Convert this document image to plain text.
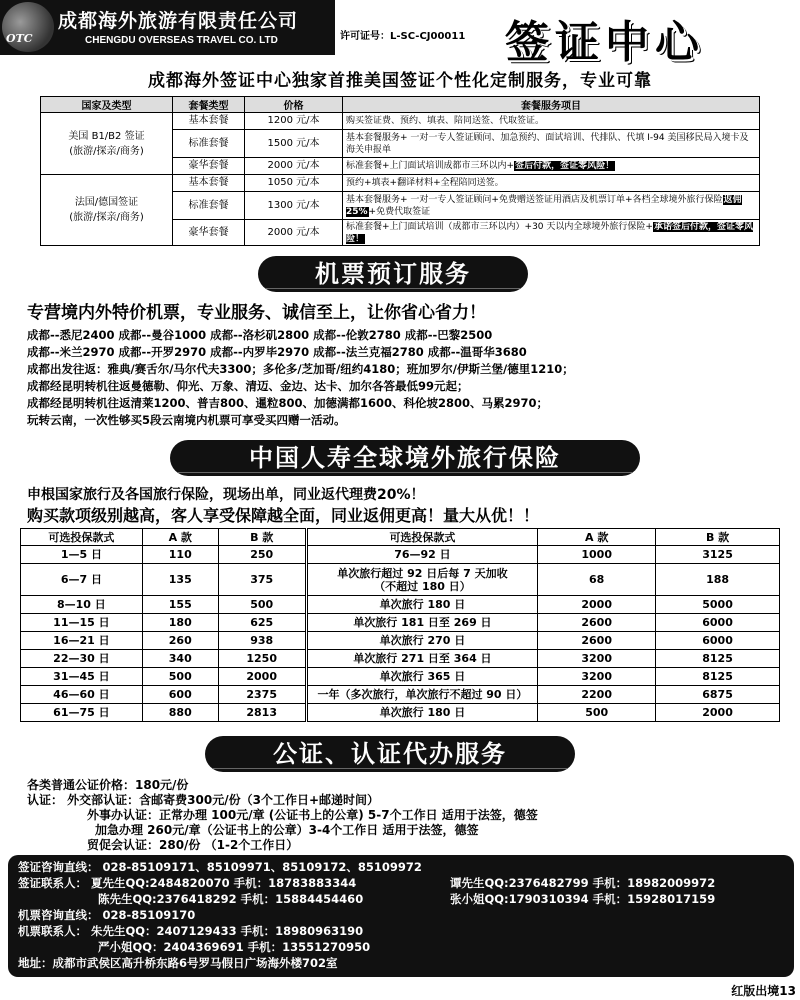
OTC
成都海外旅游有限责任公司
CHENGDU OVERSEAS TRAVEL CO. LTD	许可证号：L-SC-CJ00011 签证中心
成都海外签证中心独家首推美国签证个性化定制服务，专业可靠
国家及类型	套餐类型	价格	套餐服务项目

美国 B1/B2 签证
(旅游/探亲/商务)	基本套餐	1200 元/本	购买签证费、预约、填表、陪同送签、代取签证。
	标准套餐	1500 元/本	基本套餐服务+ 一对一专人签证顾问、加急预约、面试培训、代排队、代填 I-94 美国移民局入境卡及海关申报单
	豪华套餐	2000 元/本	标准套餐+上门面试培训成都市三环以内+签后付款，签证零风险！

法国/德国签证
(旅游/探亲/商务)	基本套餐	1050 元/本	预约+填表+翻译材料+全程陪同送签。
	标准套餐	1300 元/本	基本套餐服务+ 一对一专人签证顾问+免费赠送签证用酒店及机票订单+各档全球境外旅行保险返佣 25%+免费代取签证
	豪华套餐	2000 元/本	标准套餐+上门面试培训（成都市三环以内）+30 天以内全球境外旅行保险+承诺签后付款，签证零风险！
机票预订服务
专营境内外特价机票，专业服务、诚信至上，让你省心省力！
成都--悉尼2400 成都--曼谷1000 成都--洛杉矶2800 成都--伦敦2780 成都--巴黎2500
成都--米兰2970 成都--开罗2970 成都--内罗毕2970 成都--法兰克福2780 成都--温哥华3680
成都出发往返：雅典/赛舌尔/马尔代夫3300；多伦多/芝加哥/纽约4180；班加罗尔/伊斯兰堡/德里1210；
成都经昆明转机往返曼德勒、仰光、万象、清迈、金边、达卡、加尔各答最低99元起；
成都经昆明转机往返清莱1200、普吉800、暹粒800、加德满都1600、科伦坡2800、马累2970；
玩转云南，一次性够买5段云南境内机票可享受买四赠一活动。
中国人寿全球境外旅行保险
申根国家旅行及各国旅行保险，现场出单，同业返代理费20%！
购买款项级别越高，客人享受保障越全面，同业返佣更高！量大从优！！
可选投保款式	A 款	B 款	可选投保款式	A 款	B 款
1—5 日	110	250	76—92 日	1000	3125
6—7 日	135	375	单次旅行超过 92 日后每 7 天加收
（不超过 180 日）	68	188
8—10 日	155	500	单次旅行 180 日	2000	5000
11—15 日	180	625	单次旅行 181 日至 269 日	2600	6000
16—21 日	260	938	单次旅行 270 日	2600	6000
22—30 日	340	1250	单次旅行 271 日至 364 日	3200	8125
31—45 日	500	2000	单次旅行 365 日	3200	8125
46—60 日	600	2375	一年（多次旅行，单次旅行不超过 90 日）	2200	6875
61—75 日	880	2813	单次旅行 180 日	500	2000
公证、认证代办服务
各类普通公证价格：180元/份
认证： 外交部认证：含邮寄费300元/份（3个工作日+邮递时间）
外事办认证：正常办理 100元/章 (公证书上的公章) 5-7个工作日 适用于法签，德签
加急办理 260元/章（公证书上的公章）3-4个工作日 适用于法签，德签
贸促会认证：280/份 （1-2个工作日）
签证咨询直线： 028-85109171、85109971、85109172、85109972
签证联系人： 夏先生QQ:2484820070 手机：18783883344	谭先生QQ:2376482799 手机：18982009972
陈先生QQ:2376418292 手机：15884454460	张小姐QQ:1790310394 手机：15928017159
机票咨询直线： 028-85109170
机票联系人： 朱先生QQ：2407129433 手机：18980963190
严小姐QQ：2404369691 手机：13551270950
地址：成都市武侯区高升桥东路6号罗马假日广场海外楼702室
红版出境13
